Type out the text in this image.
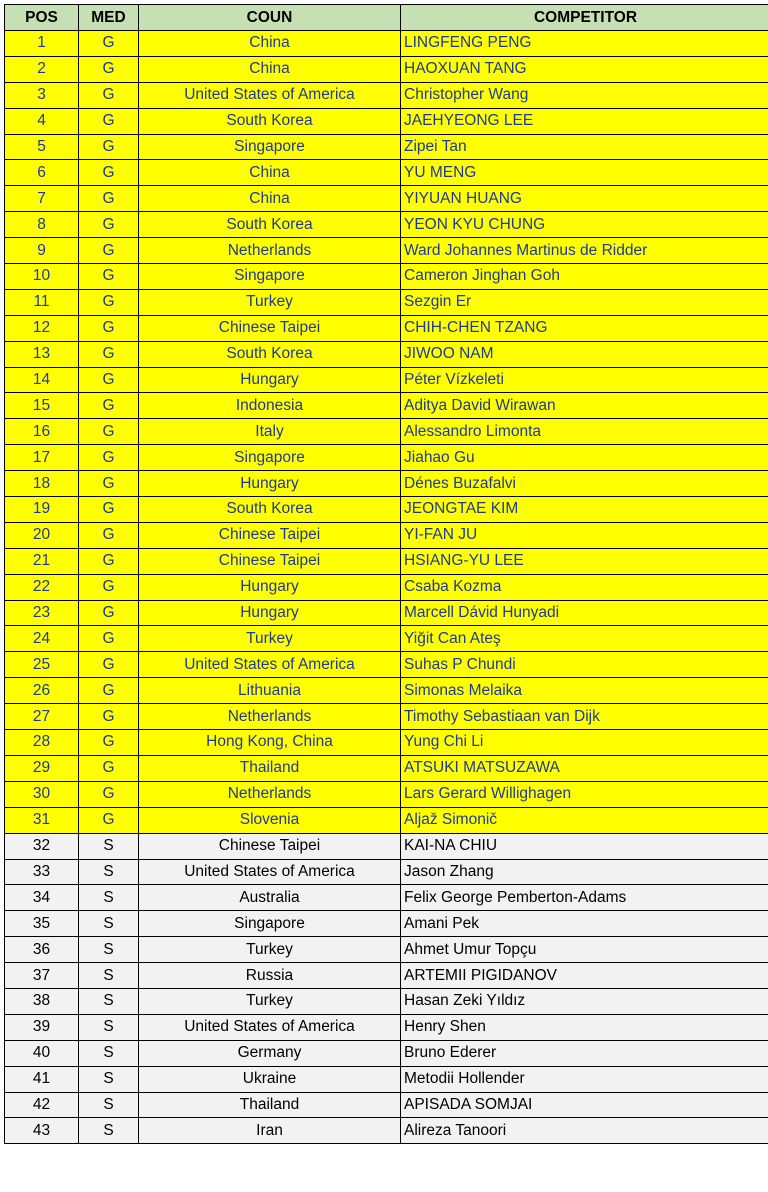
POS	MED	COUN	COMPETITOR
1	G	China	LINGFENG PENG
2	G	China	HAOXUAN TANG
3	G	United States of America	Christopher Wang
4	G	South Korea	JAEHYEONG LEE
5	G	Singapore	Zipei Tan
6	G	China	YU MENG
7	G	China	YIYUAN HUANG
8	G	South Korea	YEON KYU CHUNG
9	G	Netherlands	Ward Johannes Martinus de Ridder
10	G	Singapore	Cameron Jinghan Goh
11	G	Turkey	Sezgin Er
12	G	Chinese Taipei	CHIH-CHEN TZANG
13	G	South Korea	JIWOO NAM
14	G	Hungary	Péter Vízkeleti
15	G	Indonesia	Aditya David Wirawan
16	G	Italy	Alessandro Limonta
17	G	Singapore	Jiahao Gu
18	G	Hungary	Dénes Buzafalvi
19	G	South Korea	JEONGTAE KIM
20	G	Chinese Taipei	YI-FAN JU
21	G	Chinese Taipei	HSIANG-YU LEE
22	G	Hungary	Csaba Kozma
23	G	Hungary	Marcell Dávid Hunyadi
24	G	Turkey	Yiğit Can Ateş
25	G	United States of America	Suhas P Chundi
26	G	Lithuania	Simonas Melaika
27	G	Netherlands	Timothy Sebastiaan van Dijk
28	G	Hong Kong, China	Yung Chi Li
29	G	Thailand	ATSUKI MATSUZAWA
30	G	Netherlands	Lars Gerard Willighagen
31	G	Slovenia	Aljaž Simonič
32	S	Chinese Taipei	KAI-NA CHIU
33	S	United States of America	Jason Zhang
34	S	Australia	Felix George Pemberton-Adams
35	S	Singapore	Amani Pek
36	S	Turkey	Ahmet Umur Topçu
37	S	Russia	ARTEMII PIGIDANOV
38	S	Turkey	Hasan Zeki Yıldız
39	S	United States of America	Henry Shen
40	S	Germany	Bruno Ederer
41	S	Ukraine	Metodii Hollender
42	S	Thailand	APISADA SOMJAI
43	S	Iran	Alireza Tanoori
